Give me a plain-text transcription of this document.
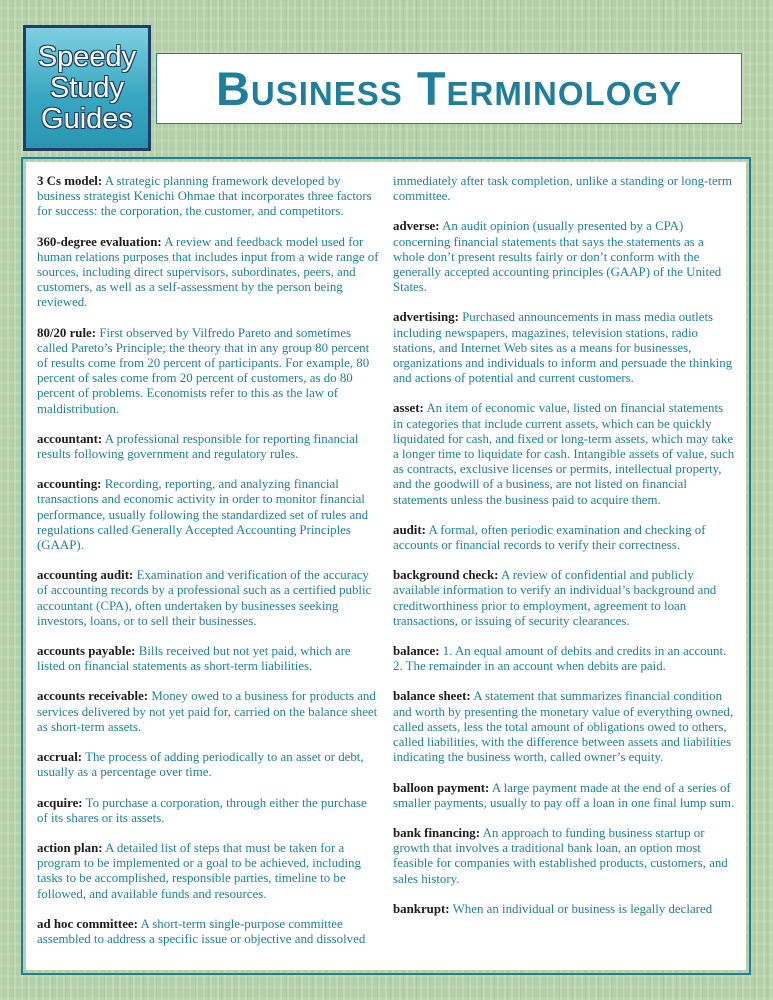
Speedy
Study
Guides
Business Terminology
3 Cs model: A strategic planning framework developed by business strategist Kenichi Ohmae that incorporates three factors for success: the corporation, the customer, and competitors.
360-degree evaluation: A review and feedback model used for human relations purposes that includes input from a wide range of sources, including direct supervisors, subordinates, peers, and customers, as well as a self-assessment by the person being reviewed.
80/20 rule: First observed by Vilfredo Pareto and sometimes called Pareto’s Principle; the theory that in any group 80 percent of results come from 20 percent of participants. For example, 80 percent of sales come from 20 percent of customers, as do 80 percent of problems. Economists refer to this as the law of maldistribution.
accountant: A professional responsible for reporting financial results following government and regulatory rules.
accounting: Recording, reporting, and analyzing financial transactions and economic activity in order to monitor financial performance, usually following the standardized set of rules and regulations called Generally Accepted Accounting Principles (GAAP).
accounting audit: Examination and verification of the accuracy of accounting records by a professional such as a certified public accountant (CPA), often undertaken by businesses seeking investors, loans, or to sell their businesses.
accounts payable: Bills received but not yet paid, which are listed on financial statements as short-term liabilities.
accounts receivable: Money owed to a business for products and services delivered by not yet paid for, carried on the balance sheet as short-term assets.
accrual: The process of adding periodically to an asset or debt, usually as a percentage over time.
acquire: To purchase a corporation, through either the purchase of its shares or its assets.
action plan: A detailed list of steps that must be taken for a program to be implemented or a goal to be achieved, including tasks to be accomplished, responsible parties, timeline to be followed, and available funds and resources.
ad hoc committee: A short-term single-purpose committee assembled to address a specific issue or objective and dissolved
immediately after task completion, unlike a standing or long-term committee.
adverse: An audit opinion (usually presented by a CPA) concerning financial statements that says the statements as a whole don’t present results fairly or don’t conform with the generally accepted accounting principles (GAAP) of the United States.
advertising: Purchased announcements in mass media outlets including newspapers, magazines, television stations, radio stations, and Internet Web sites as a means for businesses, organizations and individuals to inform and persuade the thinking and actions of potential and current customers.
asset: An item of economic value, listed on financial statements in categories that include current assets, which can be quickly liquidated for cash, and fixed or long-term assets, which may take a longer time to liquidate for cash. Intangible assets of value, such as contracts, exclusive licenses or permits, intellectual property, and the goodwill of a business, are not listed on financial statements unless the business paid to acquire them.
audit: A formal, often periodic examination and checking of accounts or financial records to verify their correctness.
background check: A review of confidential and publicly available information to verify an individual’s background and creditworthiness prior to employment, agreement to loan transactions, or issuing of security clearances.
balance: 1. An equal amount of debits and credits in an account. 2. The remainder in an account when debits are paid.
balance sheet: A statement that summarizes financial condition and worth by presenting the monetary value of everything owned, called assets, less the total amount of obligations owed to others, called liabilities, with the difference between assets and liabilities indicating the business worth, called owner’s equity.
balloon payment: A large payment made at the end of a series of smaller payments, usually to pay off a loan in one final lump sum.
bank financing: An approach to funding business startup or growth that involves a traditional bank loan, an option most feasible for companies with established products, customers, and sales history.
bankrupt: When an individual or business is legally declared
